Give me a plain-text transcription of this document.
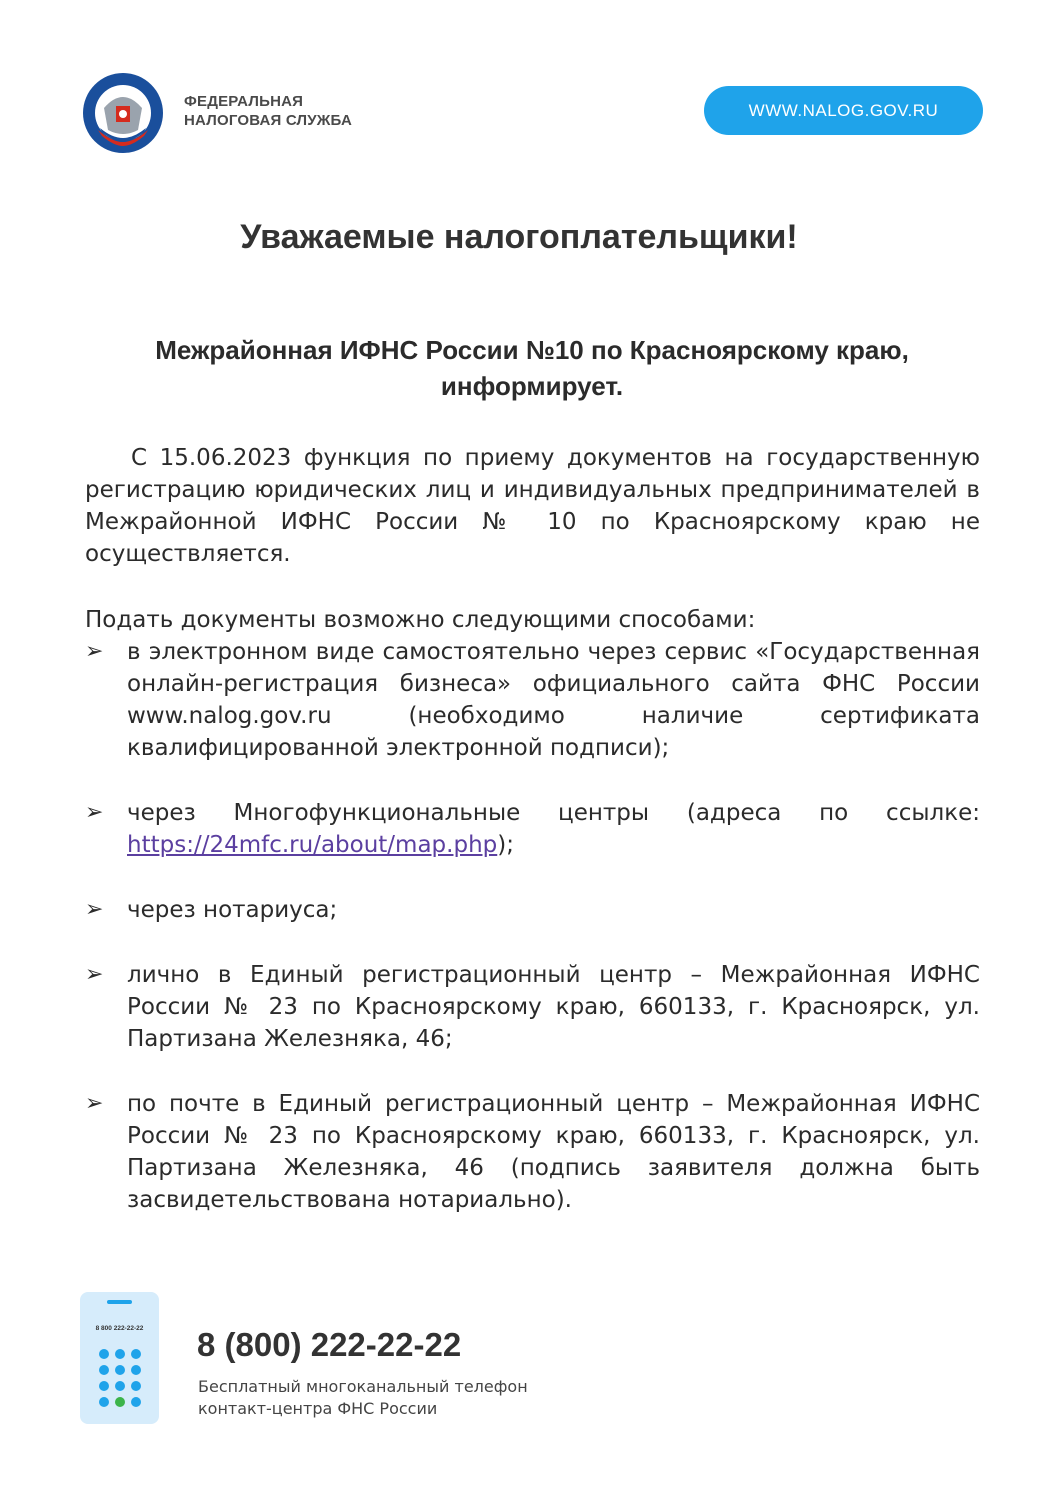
ФЕДЕРАЛЬНАЯ
НАЛОГОВАЯ СЛУЖБА
WWW.NALOG.GOV.RU
Уважаемые налогоплательщики!
Межрайонная ИФНС России №10 по Красноярскому краю, информирует.

С 15.06.2023 функция по приему документов на государственную регистрацию юридических лиц и индивидуальных предпринимателей в Межрайонной ИФНС России № 10 по Красноярскому краю не осуществляется.

Подать документы возможно следующими способами:

➢ в электронном виде самостоятельно через сервис «Государственная онлайн-регистрация бизнеса» официального сайта ФНС России www.nalog.gov.ru (необходимо наличие сертификата квалифицированной электронной подписи);
➢ через Многофункциональные центры (адреса по ссылке: https://24mfc.ru/about/map.php);
➢ через нотариуса;
➢ лично в Единый регистрационный центр – Межрайонная ИФНС России № 23 по Красноярскому краю, 660133, г. Красноярск, ул. Партизана Железняка, 46;
➢ по почте в Единый регистрационный центр – Межрайонная ИФНС России № 23 по Красноярскому краю, 660133, г. Красноярск, ул. Партизана Железняка, 46 (подпись заявителя должна быть засвидетельствована нотариально).
8 800 222-22-22 8 (800) 222-22-22
Бесплатный многоканальный телефон
контакт-центра ФНС России
